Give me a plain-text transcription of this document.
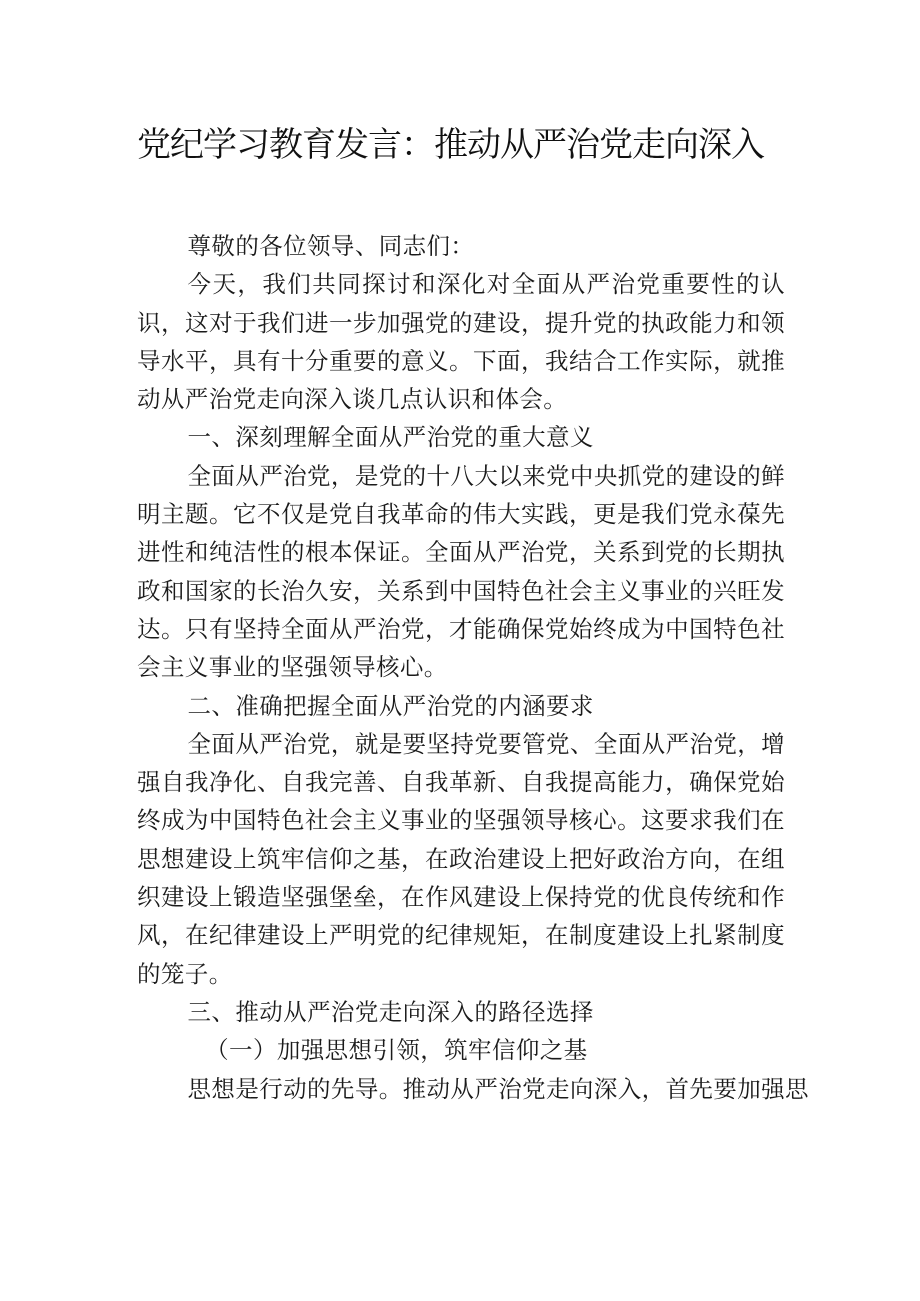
党纪学习教育发言：推动从严治党走向深入

尊敬的各位领导、同志们：

今天，我们共同探讨和深化对全面从严治党重要性的认识，这对于我们进一步加强党的建设，提升党的执政能力和领导水平，具有十分重要的意义。下面，我结合工作实际，就推动从严治党走向深入谈几点认识和体会。

一、深刻理解全面从严治党的重大意义

全面从严治党，是党的十八大以来党中央抓党的建设的鲜明主题。它不仅是党自我革命的伟大实践，更是我们党永葆先进性和纯洁性的根本保证。全面从严治党，关系到党的长期执政和国家的长治久安，关系到中国特色社会主义事业的兴旺发达。只有坚持全面从严治党，才能确保党始终成为中国特色社会主义事业的坚强领导核心。

二、准确把握全面从严治党的内涵要求

全面从严治党，就是要坚持党要管党、全面从严治党，增强自我净化、自我完善、自我革新、自我提高能力，确保党始终成为中国特色社会主义事业的坚强领导核心。这要求我们在思想建设上筑牢信仰之基，在政治建设上把好政治方向，在组织建设上锻造坚强堡垒，在作风建设上保持党的优良传统和作风，在纪律建设上严明党的纪律规矩，在制度建设上扎紧制度的笼子。

三、推动从严治党走向深入的路径选择

（一）加强思想引领，筑牢信仰之基

思想是行动的先导。推动从严治党走向深入，首先要加强思
